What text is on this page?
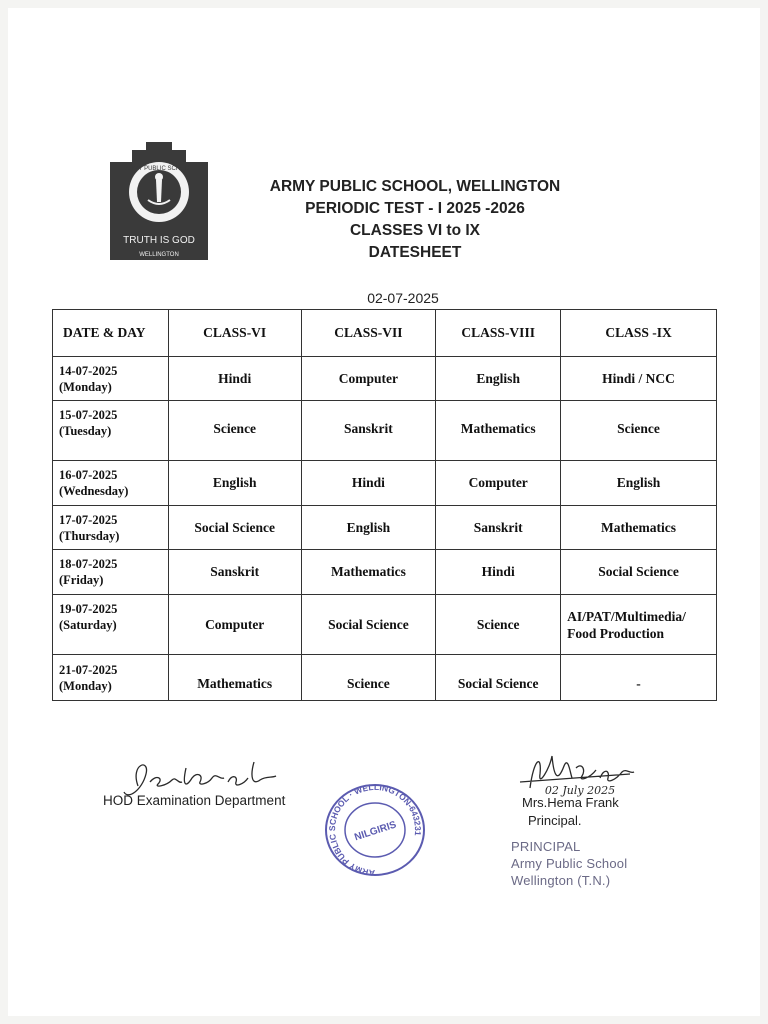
ARMY PUBLIC SCHOOL
TRUTH IS GOD
WELLINGTON
ARMY PUBLIC SCHOOL, WELLINGTON
PERIODIC TEST - I 2025 -2026
CLASSES VI to IX
DATESHEET
02-07-2025
DATE & DAY	CLASS-VI	CLASS-VII	CLASS-VIII	CLASS -IX

14-07-2025
(Monday)	Hindi	Computer	English	Hindi / NCC

15-07-2025
(Tuesday)	Science	Sanskrit	Mathematics	Science

16-07-2025
(Wednesday)	English	Hindi	Computer	English

17-07-2025
(Thursday)	Social Science	English	Sanskrit	Mathematics

18-07-2025
(Friday)	Sanskrit	Mathematics	Hindi	Social Science

19-07-2025
(Saturday)	Computer	Social Science	Science	AI/PAT/Multimedia/ Food Production

21-07-2025
(Monday)	Mathematics	Science	Social Science	-
HOD Examination Department
ARMY PUBLIC SCHOOL · WELLINGTON-643231
NILGIRIS
02 July 2025
Mrs.Hema Frank
Principal.
PRINCIPAL
Army Public School
Wellington (T.N.)
